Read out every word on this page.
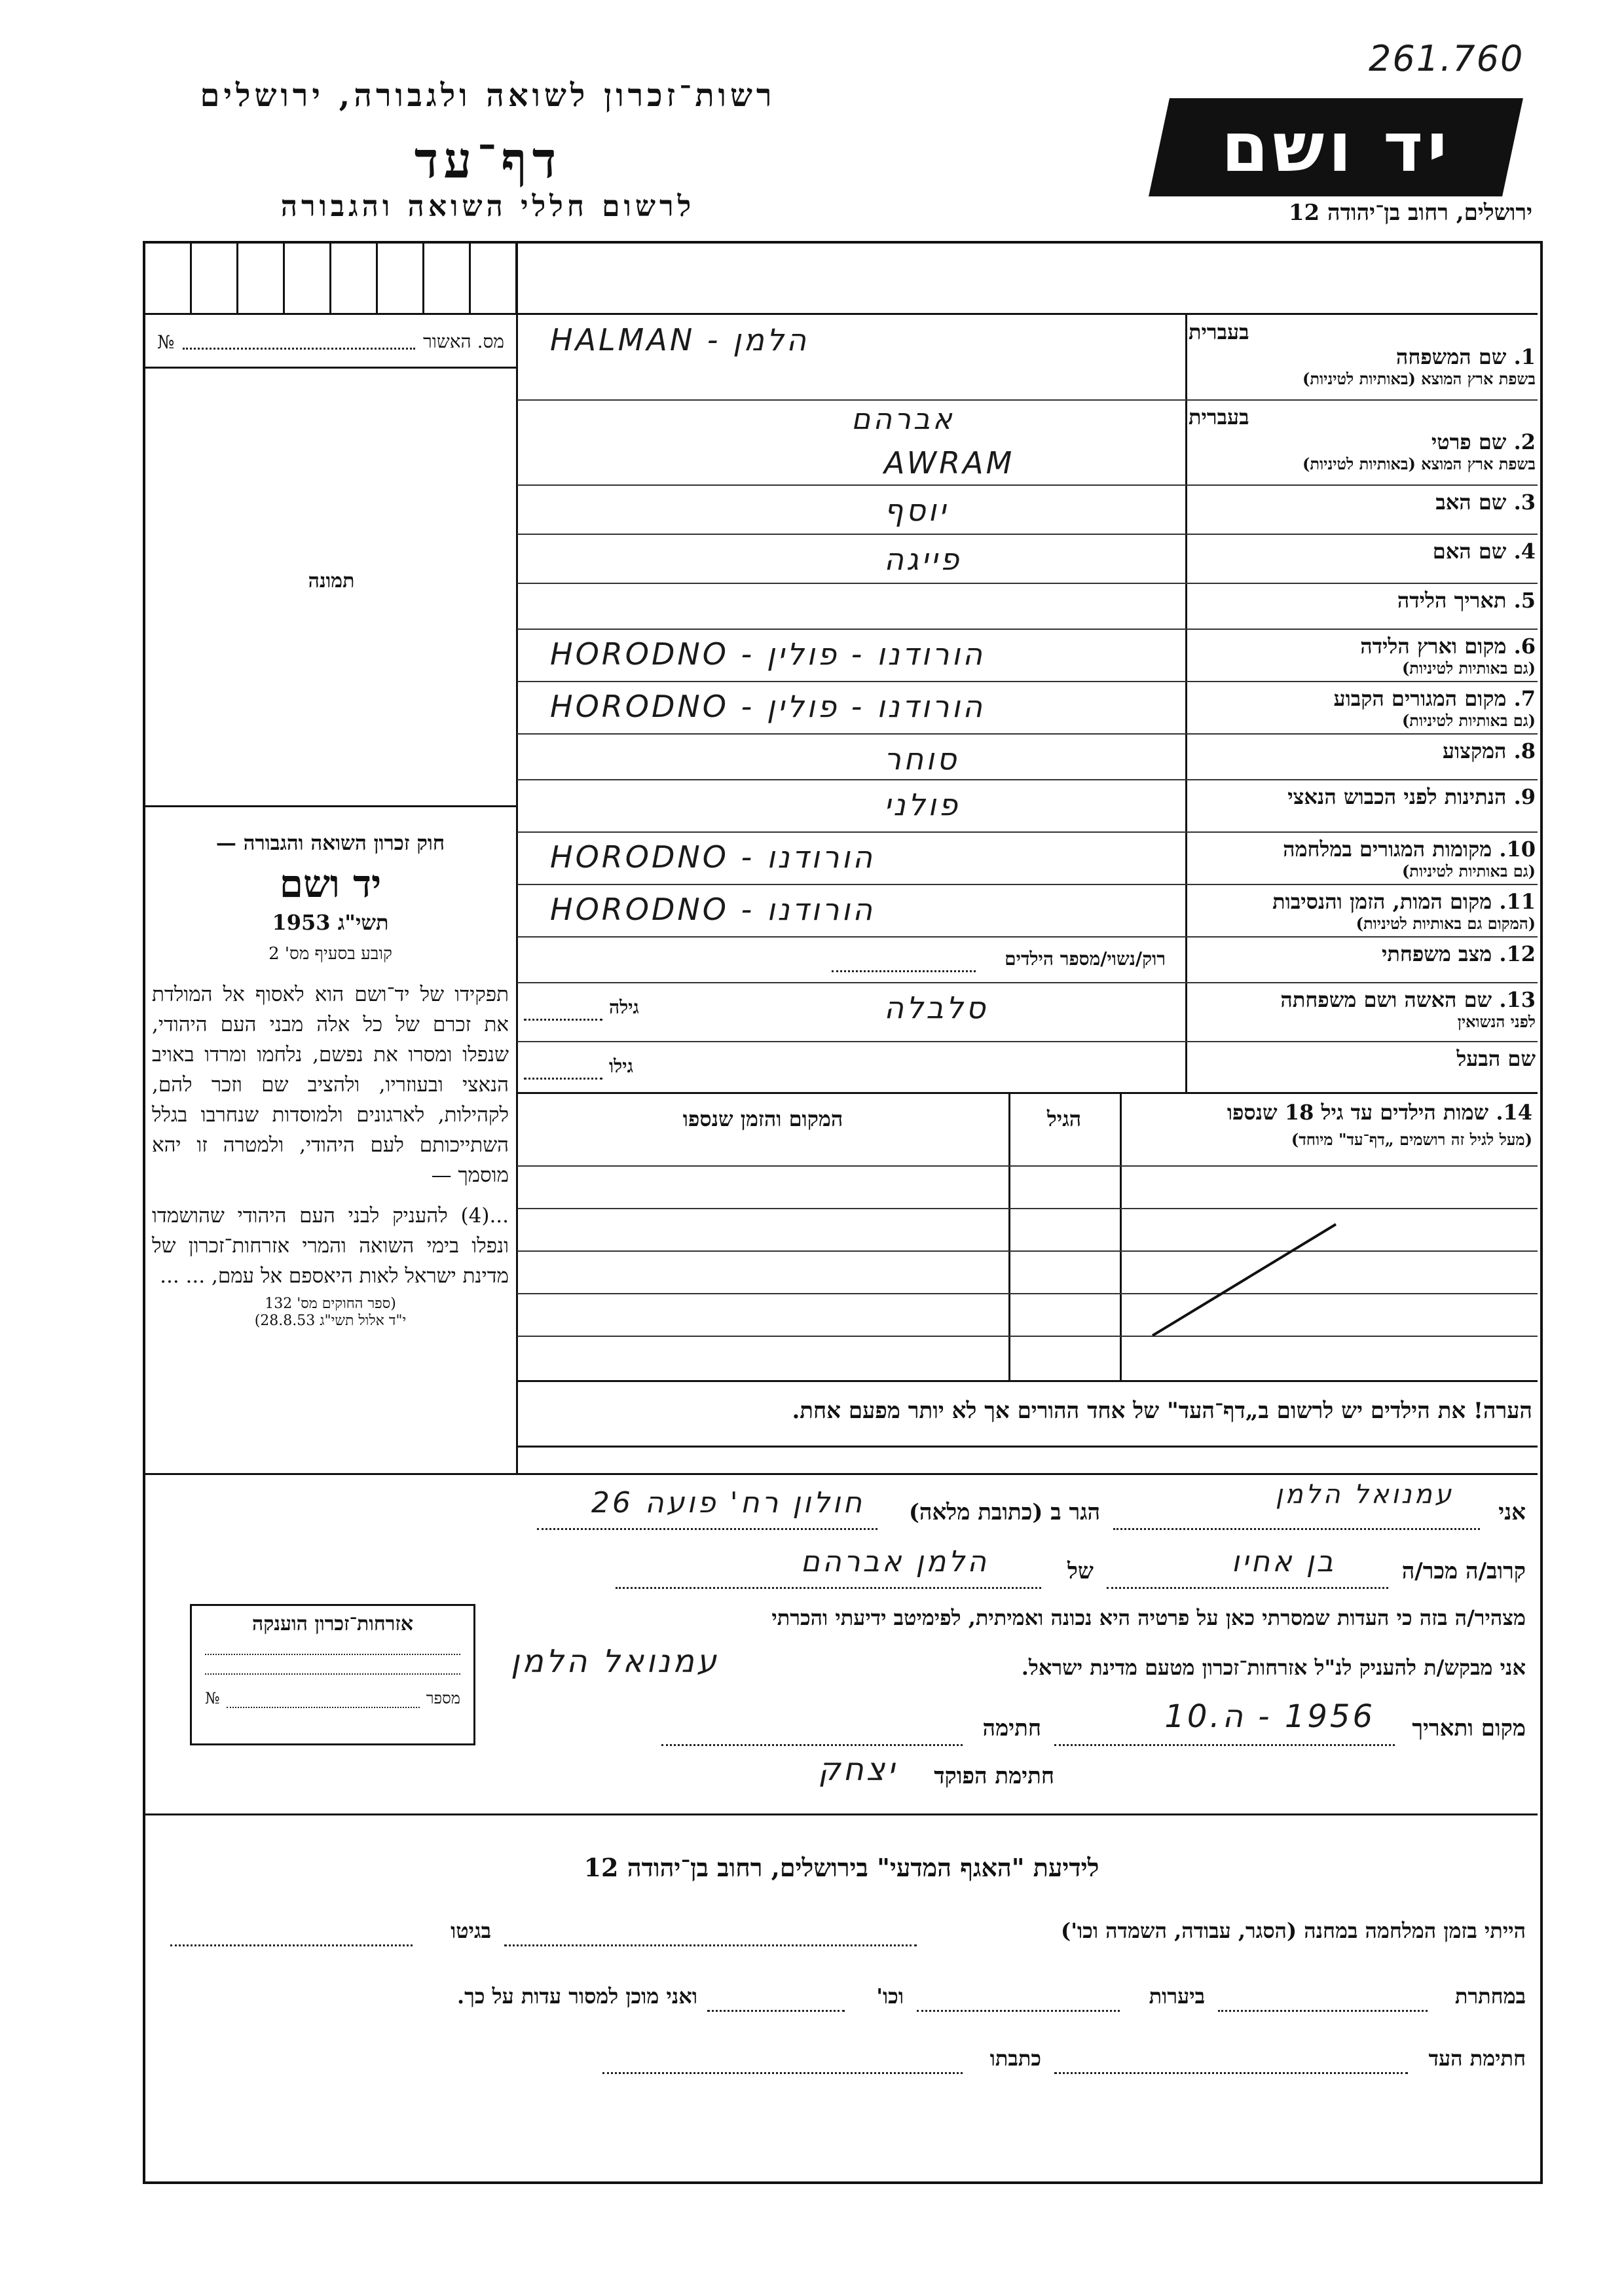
261.760
רשות־זכרון לשואה ולגבורה, ירושלים
דף־עד
לרשום חללי השואה והגבורה
יד ושם
ירושלים, רחוב בן־יהודה 12
מס. האשור
№
תמונה
בעברית
1. שם המשפחה
בשפת ארץ המוצא (באותיות לטיניות)
HALMAN - הלמן
בעברית
2. שם פרטי
בשפת ארץ המוצא (באותיות לטיניות)
אברהם
AWRAM
3. שם האב
יוסף
4. שם האם
פייגה
5. תאריך הלידה
6. מקום וארץ הלידה
(גם באותיות לטיניות)
HORODNO - הורודנו - פולין
7. מקום המגורים הקבוע
(גם באותיות לטיניות)
HORODNO - הורודנו - פולין
8. המקצוע
סוחר
9. הנתינות לפני הכבוש הנאצי
פולני
10. מקומות המגורים במלחמה
(גם באותיות לטיניות)
HORODNO - הורודנו
11. מקום המות, הזמן והנסיבות
(המקום גם באותיות לטיניות)
HORODNO - הורודנו
12. מצב משפחתי
רוק/נשוי/מספר הילדים
13. שם האשה ושם משפחתה
לפני הנשואין
סלבלה
גילה
שם הבעל
גילו
חוק זכרון השואה והגבורה —
יד ושם
תשי"ג 1953
קובע בסעיף מס' 2
תפקידו של יד־ושם הוא לאסוף אל המולדת את זכרם של כל אלה מבני העם היהודי, שנפלו ומסרו את נפשם, נלחמו ומרדו באויב הנאצי ובעוזריו, ולהציב שם וזכר להם, לקהילות, לארגונים ולמוסדות שנחרבו בגלל השתייכותם לעם היהודי, ולמטרה זו יהא מוסמך —
...(4) להעניק לבני העם היהודי שהושמדו ונפלו בימי השואה והמרי אזרחות־זכרון של מדינת ישראל לאות היאספם אל עמם, ... ...
(ספר החוקים מס' 132
י"ד אלול תשי"ג 28.8.53)
14. שמות הילדים עד גיל 18 שנספו
(מעל לגיל זה רושמים „דף־עד" מיוחד)
הגיל
המקום והזמן שנספו
הערה! את הילדים יש לרשום ב„דף־העד" של אחד ההורים אך לא יותר מפעם אחת.
אני
עמנואל הלמן
הגר ב (כתובת מלאה)
חולון רח' פועה 26
קרוב/ה מכר/ה
בן אחיו
של
הלמן אברהם
מצהיר/ה בזה כי העדות שמסרתי כאן על פרטיה היא נכונה ואמיתית, לפימיטב ידיעתי והכרתי
אני מבקש/ת להעניק לנ"ל אזרחות־זכרון מטעם מדינת ישראל.
עמנואל הלמן
מקום ותאריך
1956 - ה.10
חתימה
חתימת הפוקד
יצחק
אזרחות־זכרון הוענקה
מספר
№
לידיעת "האגף המדעי" בירושלים, רחוב בן־יהודה 12
הייתי בזמן המלחמה במחנה (הסגר, עבודה, השמדה וכו')
בגיטו
במחתרת
ביערות
וכו'
ואני מוכן למסור עדות על כך.
חתימת העד
כתבתו
